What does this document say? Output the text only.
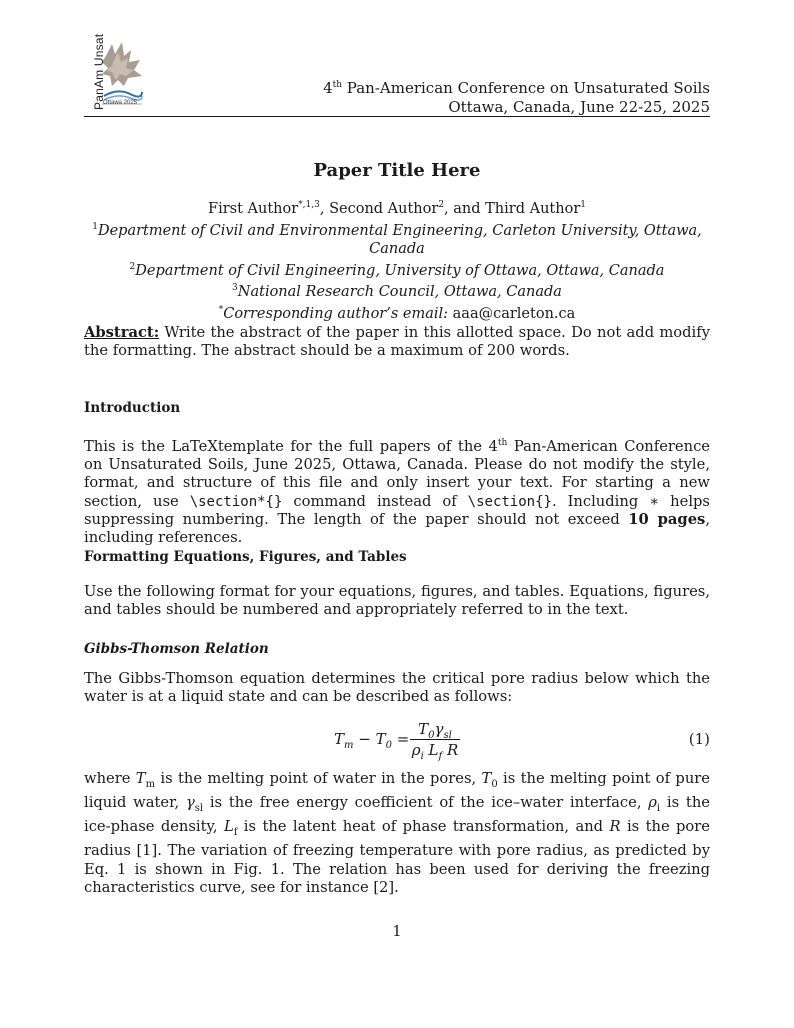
PanAm Unsat
Ottawa 2025
4th Pan-American Conference on Unsaturated Soils
Ottawa, Canada, June 22-25, 2025
Paper Title Here
First Author$^{*,1,3}$, Second Author$^2$, and Third Author$^1$
$^1$Department of Civil and Environmental Engineering, Carleton University, Ottawa, Canada
$^2$Department of Civil Engineering, University of Ottawa, Ottawa, Canada
$^3$National Research Council, Ottawa, Canada
*Corresponding author’s email: aaa@carleton.ca
Abstract: Write the abstract of the paper in this allotted space. Do not add modify the formatting. The abstract should be a maximum of 200 words.
Introduction
This is the LaTeXtemplate for the full papers of the 4th Pan-American Conference on Unsaturated Soils, June 2025, Ottawa, Canada. Please do not modify the style, format, and structure of this file and only insert your text. For starting a new section, use \section*{} command instead of \section{}. Including ∗ helps suppressing numbering. The length of the paper should not exceed 10 pages, including references.
Formatting Equations, Figures, and Tables
Use the following format for your equations, figures, and tables. Equations, figures, and tables should be numbered and appropriately referred to in the text.
Gibbs-Thomson Relation
The Gibbs-Thomson equation determines the critical pore radius below which the water is at a liquid state and can be described as follows:
$T_m - T_0$ =
$T_0\gamma_{sl}$
$\rho_i$ $L_f$ R
(1)
where $T_m$ is the melting point of water in the pores, $T_0$ is the melting point of pure liquid water, $\gamma_{sl}$ is the free energy coefficient of the ice–water interface, $\rho_i$ is the ice-phase density, $L_f$ is the latent heat of phase transformation, and R is the pore radius [1]. The variation of freezing temperature with pore radius, as predicted by Eq. 1 is shown in Fig. 1. The relation has been used for deriving the freezing characteristics curve, see for instance [2].
1
